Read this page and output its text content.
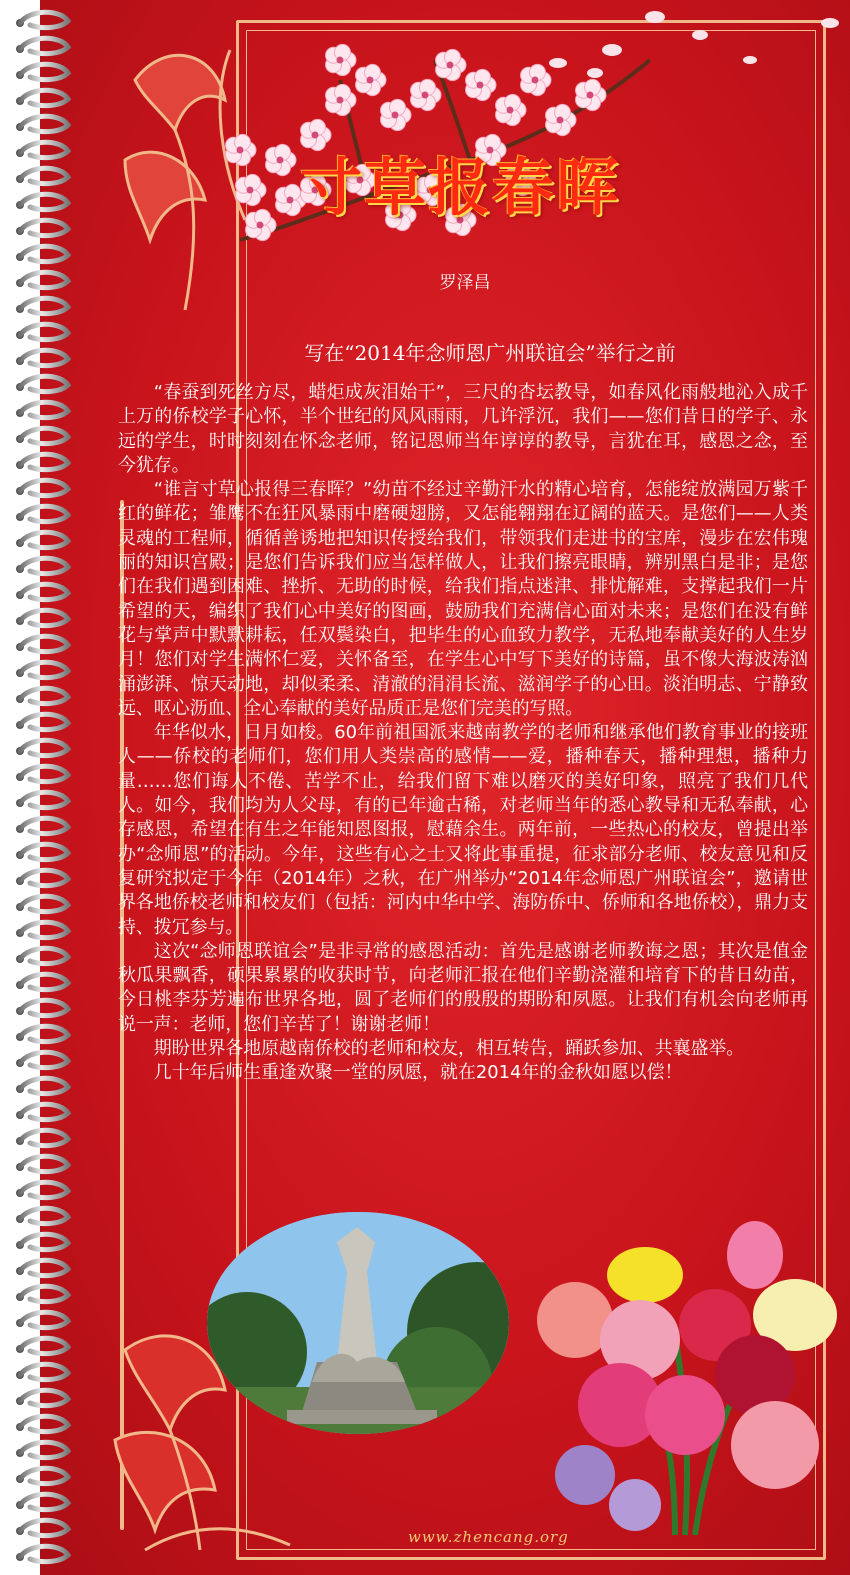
寸草报春晖
罗泽昌
写在“2014年念师恩广州联谊会”举行之前

“春蚕到死丝方尽，蜡炬成灰泪始干”，三尺的杏坛教导，如春风化雨般地沁入成千上万的侨校学子心怀，半个世纪的风风雨雨，几许浮沉，我们——您们昔日的学子、永远的学生，时时刻刻在怀念老师，铭记恩师当年谆谆的教导，言犹在耳，感恩之念，至今犹存。

“谁言寸草心报得三春晖？”幼苗不经过辛勤汗水的精心培育，怎能绽放满园万紫千红的鲜花；雏鹰不在狂风暴雨中磨硬翅膀，又怎能翱翔在辽阔的蓝天。是您们——人类灵魂的工程师，循循善诱地把知识传授给我们，带领我们走进书的宝库，漫步在宏伟瑰丽的知识宫殿；是您们告诉我们应当怎样做人，让我们擦亮眼睛，辨别黑白是非；是您们在我们遇到困难、挫折、无助的时候，给我们指点迷津、排忧解难，支撑起我们一片希望的天，编织了我们心中美好的图画，鼓励我们充满信心面对未来；是您们在没有鲜花与掌声中默默耕耘，任双鬓染白，把毕生的心血致力教学，无私地奉献美好的人生岁月！您们对学生满怀仁爱，关怀备至，在学生心中写下美好的诗篇，虽不像大海波涛汹涌澎湃、惊天动地，却似柔柔、清澈的涓涓长流、滋润学子的心田。淡泊明志、宁静致远、呕心沥血、全心奉献的美好品质正是您们完美的写照。

年华似水，日月如梭。60年前祖国派来越南教学的老师和继承他们教育事业的接班人——侨校的老师们，您们用人类崇高的感情——爱，播种春天，播种理想，播种力量……您们诲人不倦、苦学不止，给我们留下难以磨灭的美好印象，照亮了我们几代人。如今，我们均为人父母，有的已年逾古稀，对老师当年的悉心教导和无私奉献，心存感恩，希望在有生之年能知恩图报，慰藉余生。两年前，一些热心的校友，曾提出举办“念师恩”的活动。今年，这些有心之士又将此事重提，征求部分老师、校友意见和反复研究拟定于今年（2014年）之秋，在广州举办“2014年念师恩广州联谊会”，邀请世界各地侨校老师和校友们（包括：河内中华中学、海防侨中、侨师和各地侨校），鼎力支持、拨冗参与。

这次“念师恩联谊会”是非寻常的感恩活动：首先是感谢老师教诲之恩；其次是值金秋瓜果飘香，硕果累累的收获时节，向老师汇报在他们辛勤浇灌和培育下的昔日幼苗，今日桃李芬芳遍布世界各地，圆了老师们的殷殷的期盼和夙愿。让我们有机会向老师再说一声：老师，您们辛苦了！谢谢老师！

期盼世界各地原越南侨校的老师和校友，相互转告，踊跃参加、共襄盛举。

几十年后师生重逢欢聚一堂的夙愿，就在2014年的金秋如愿以偿！

www.zhencang.org
